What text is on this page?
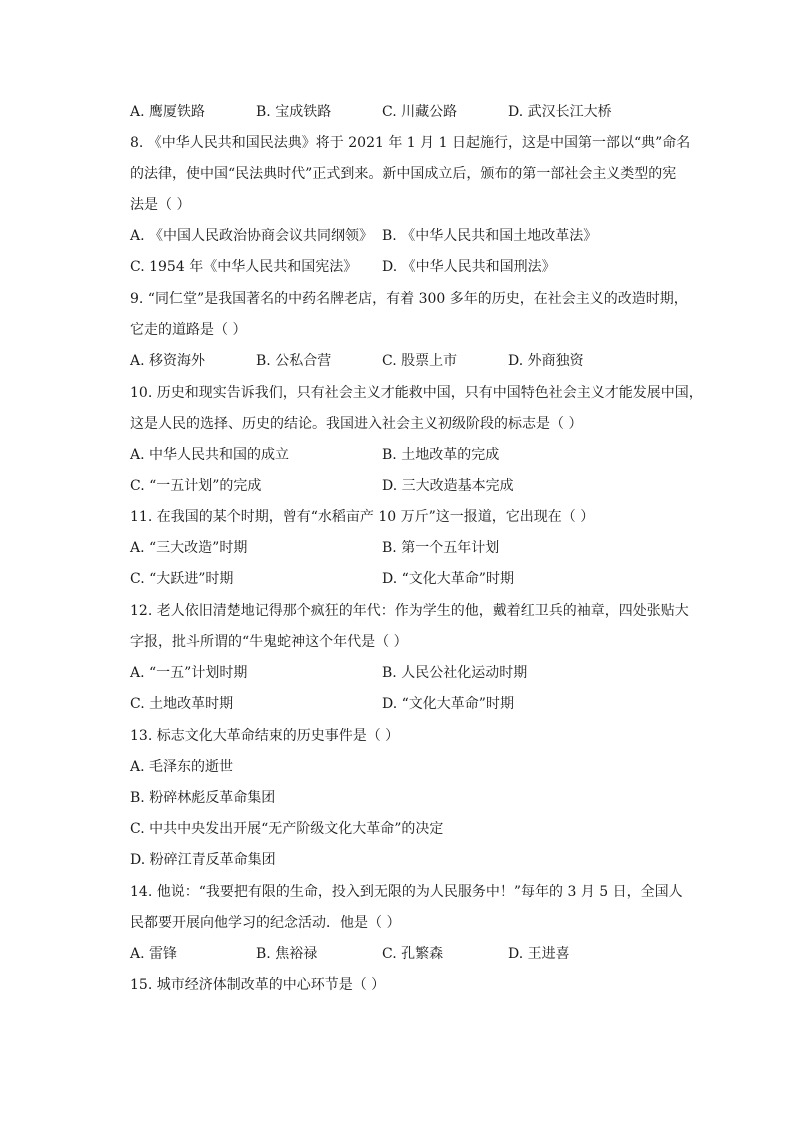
A. 鹰厦铁路	B. 宝成铁路	C. 川藏公路	D. 武汉长江大桥
8. 《中华人民共和国民法典》将于 2021 年 1 月 1 日起施行，这是中国第一部以“典”命名
的法律，使中国“民法典时代”正式到来。新中国成立后，颁布的第一部社会主义类型的宪
法是（ ）
A. 《中国人民政治协商会议共同纲领》 B. 《中华人民共和国土地改革法》
C. 1954 年《中华人民共和国宪法》 D. 《中华人民共和国刑法》
9. “同仁堂”是我国著名的中药名牌老店，有着 300 多年的历史，在社会主义的改造时期，
它走的道路是（ ）
A. 移资海外	B. 公私合营	C. 股票上市	D. 外商独资
10. 历史和现实告诉我们，只有社会主义才能救中国，只有中国特色社会主义才能发展中国，
这是人民的选择、历史的结论。我国进入社会主义初级阶段的标志是（ ）
A. 中华人民共和国的成立	B. 土地改革的完成
C. “一五计划”的完成	D. 三大改造基本完成
11. 在我国的某个时期，曾有“水稻亩产 10 万斤”这一报道，它出现在（ ）
A. “三大改造”时期	B. 第一个五年计划
C. “大跃进”时期	D. “文化大革命”时期
12. 老人依旧清楚地记得那个疯狂的年代：作为学生的他，戴着红卫兵的袖章，四处张贴大
字报，批斗所谓的“牛鬼蛇神这个年代是（ ）
A. “一五”计划时期	B. 人民公社化运动时期
C. 土地改革时期	D. “文化大革命”时期
13. 标志文化大革命结束的历史事件是（ ）
A. 毛泽东的逝世
B. 粉碎林彪反革命集团
C. 中共中央发出开展“无产阶级文化大革命”的决定
D. 粉碎江青反革命集团
14. 他说：“我要把有限的生命，投入到无限的为人民服务中！”每年的 3 月 5 日，全国人
民都要开展向他学习的纪念活动．他是（ ）
A. 雷锋	B. 焦裕禄	C. 孔繁森	D. 王进喜
15. 城市经济体制改革的中心环节是（ ）
